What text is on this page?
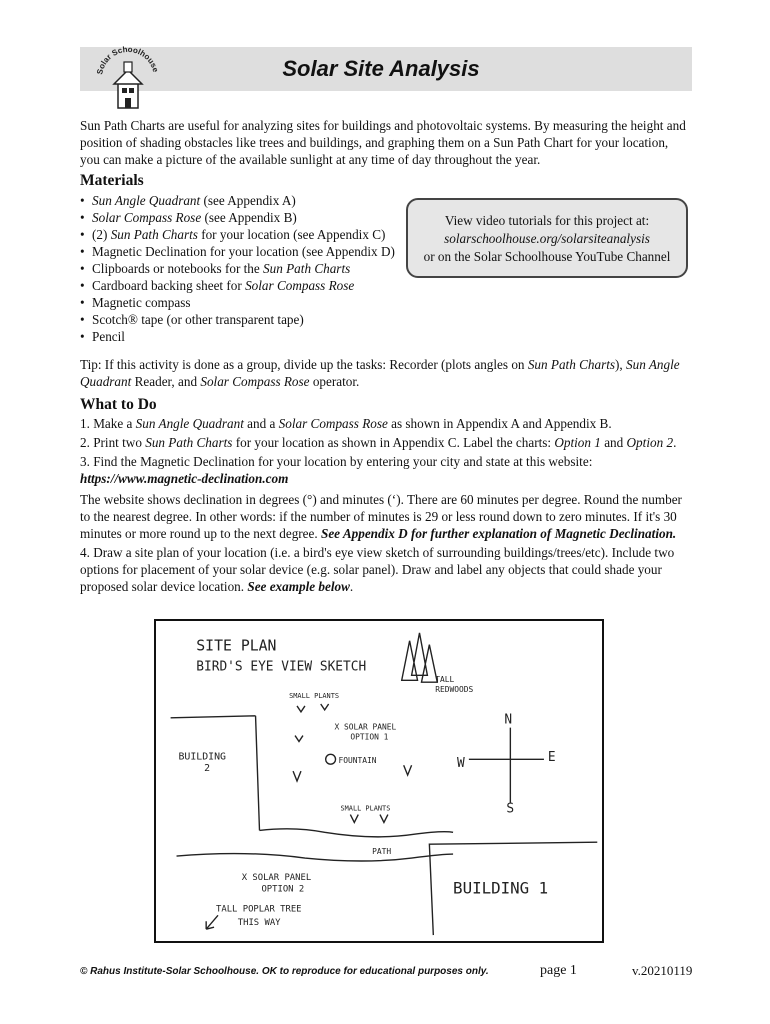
Solar Schoolhouse	Solar Site Analysis
Sun Path Charts are useful for analyzing sites for buildings and photovoltaic systems. By measuring the height and position of shading obstacles like trees and buildings, and graphing them on a Sun Path Chart for your location, you can make a picture of the available sunlight at any time of day throughout the year.
Materials
• Sun Angle Quadrant (see Appendix A)
• Solar Compass Rose (see Appendix B)
• (2) Sun Path Charts for your location (see Appendix C)
• Magnetic Declination for your location (see Appendix D)
• Clipboards or notebooks for the Sun Path Charts
• Cardboard backing sheet for Solar Compass Rose
• Magnetic compass
• Scotch® tape (or other transparent tape)
• Pencil
View video tutorials for this project at:
solarschoolhouse.org/solarsiteanalysis
or on the Solar Schoolhouse YouTube Channel
Tip: If this activity is done as a group, divide up the tasks: Recorder (plots angles on Sun Path Charts), Sun Angle Quadrant Reader, and Solar Compass Rose operator.
What to Do

1. Make a Sun Angle Quadrant and a Solar Compass Rose as shown in Appendix A and Appendix B.

2. Print two Sun Path Charts for your location as shown in Appendix C. Label the charts: Option 1 and Option 2.

3. Find the Magnetic Declination for your location by entering your city and state at this website:
https://www.magnetic-declination.com

The website shows declination in degrees (°) and minutes (‘). There are 60 minutes per degree. Round the number to the nearest degree. In other words: if the number of minutes is 29 or less round down to zero minutes. If it's 30 minutes or more round up to the next degree. See Appendix D for further explanation of Magnetic Declination.

4. Draw a site plan of your location (i.e. a bird's eye view sketch of surrounding buildings/trees/etc). Include two options for placement of your solar device (e.g. solar panel). Draw and label any objects that could shade your proposed solar device location. See example below.

SITE PLAN
BIRD'S EYE VIEW SKETCH
SMALL PLANTS
TALL
REDWOODS
X SOLAR PANEL
OPTION 1
BUILDING
2
FOUNTAIN
SMALL PLANTS
PATH
X SOLAR PANEL
OPTION 2	BUILDING 1
TALL POPLAR TREE
THIS WAY
N
S
E
W
© Rahus Institute-Solar Schoolhouse. OK to reproduce for educational purposes only.	page 1	v.20210119
